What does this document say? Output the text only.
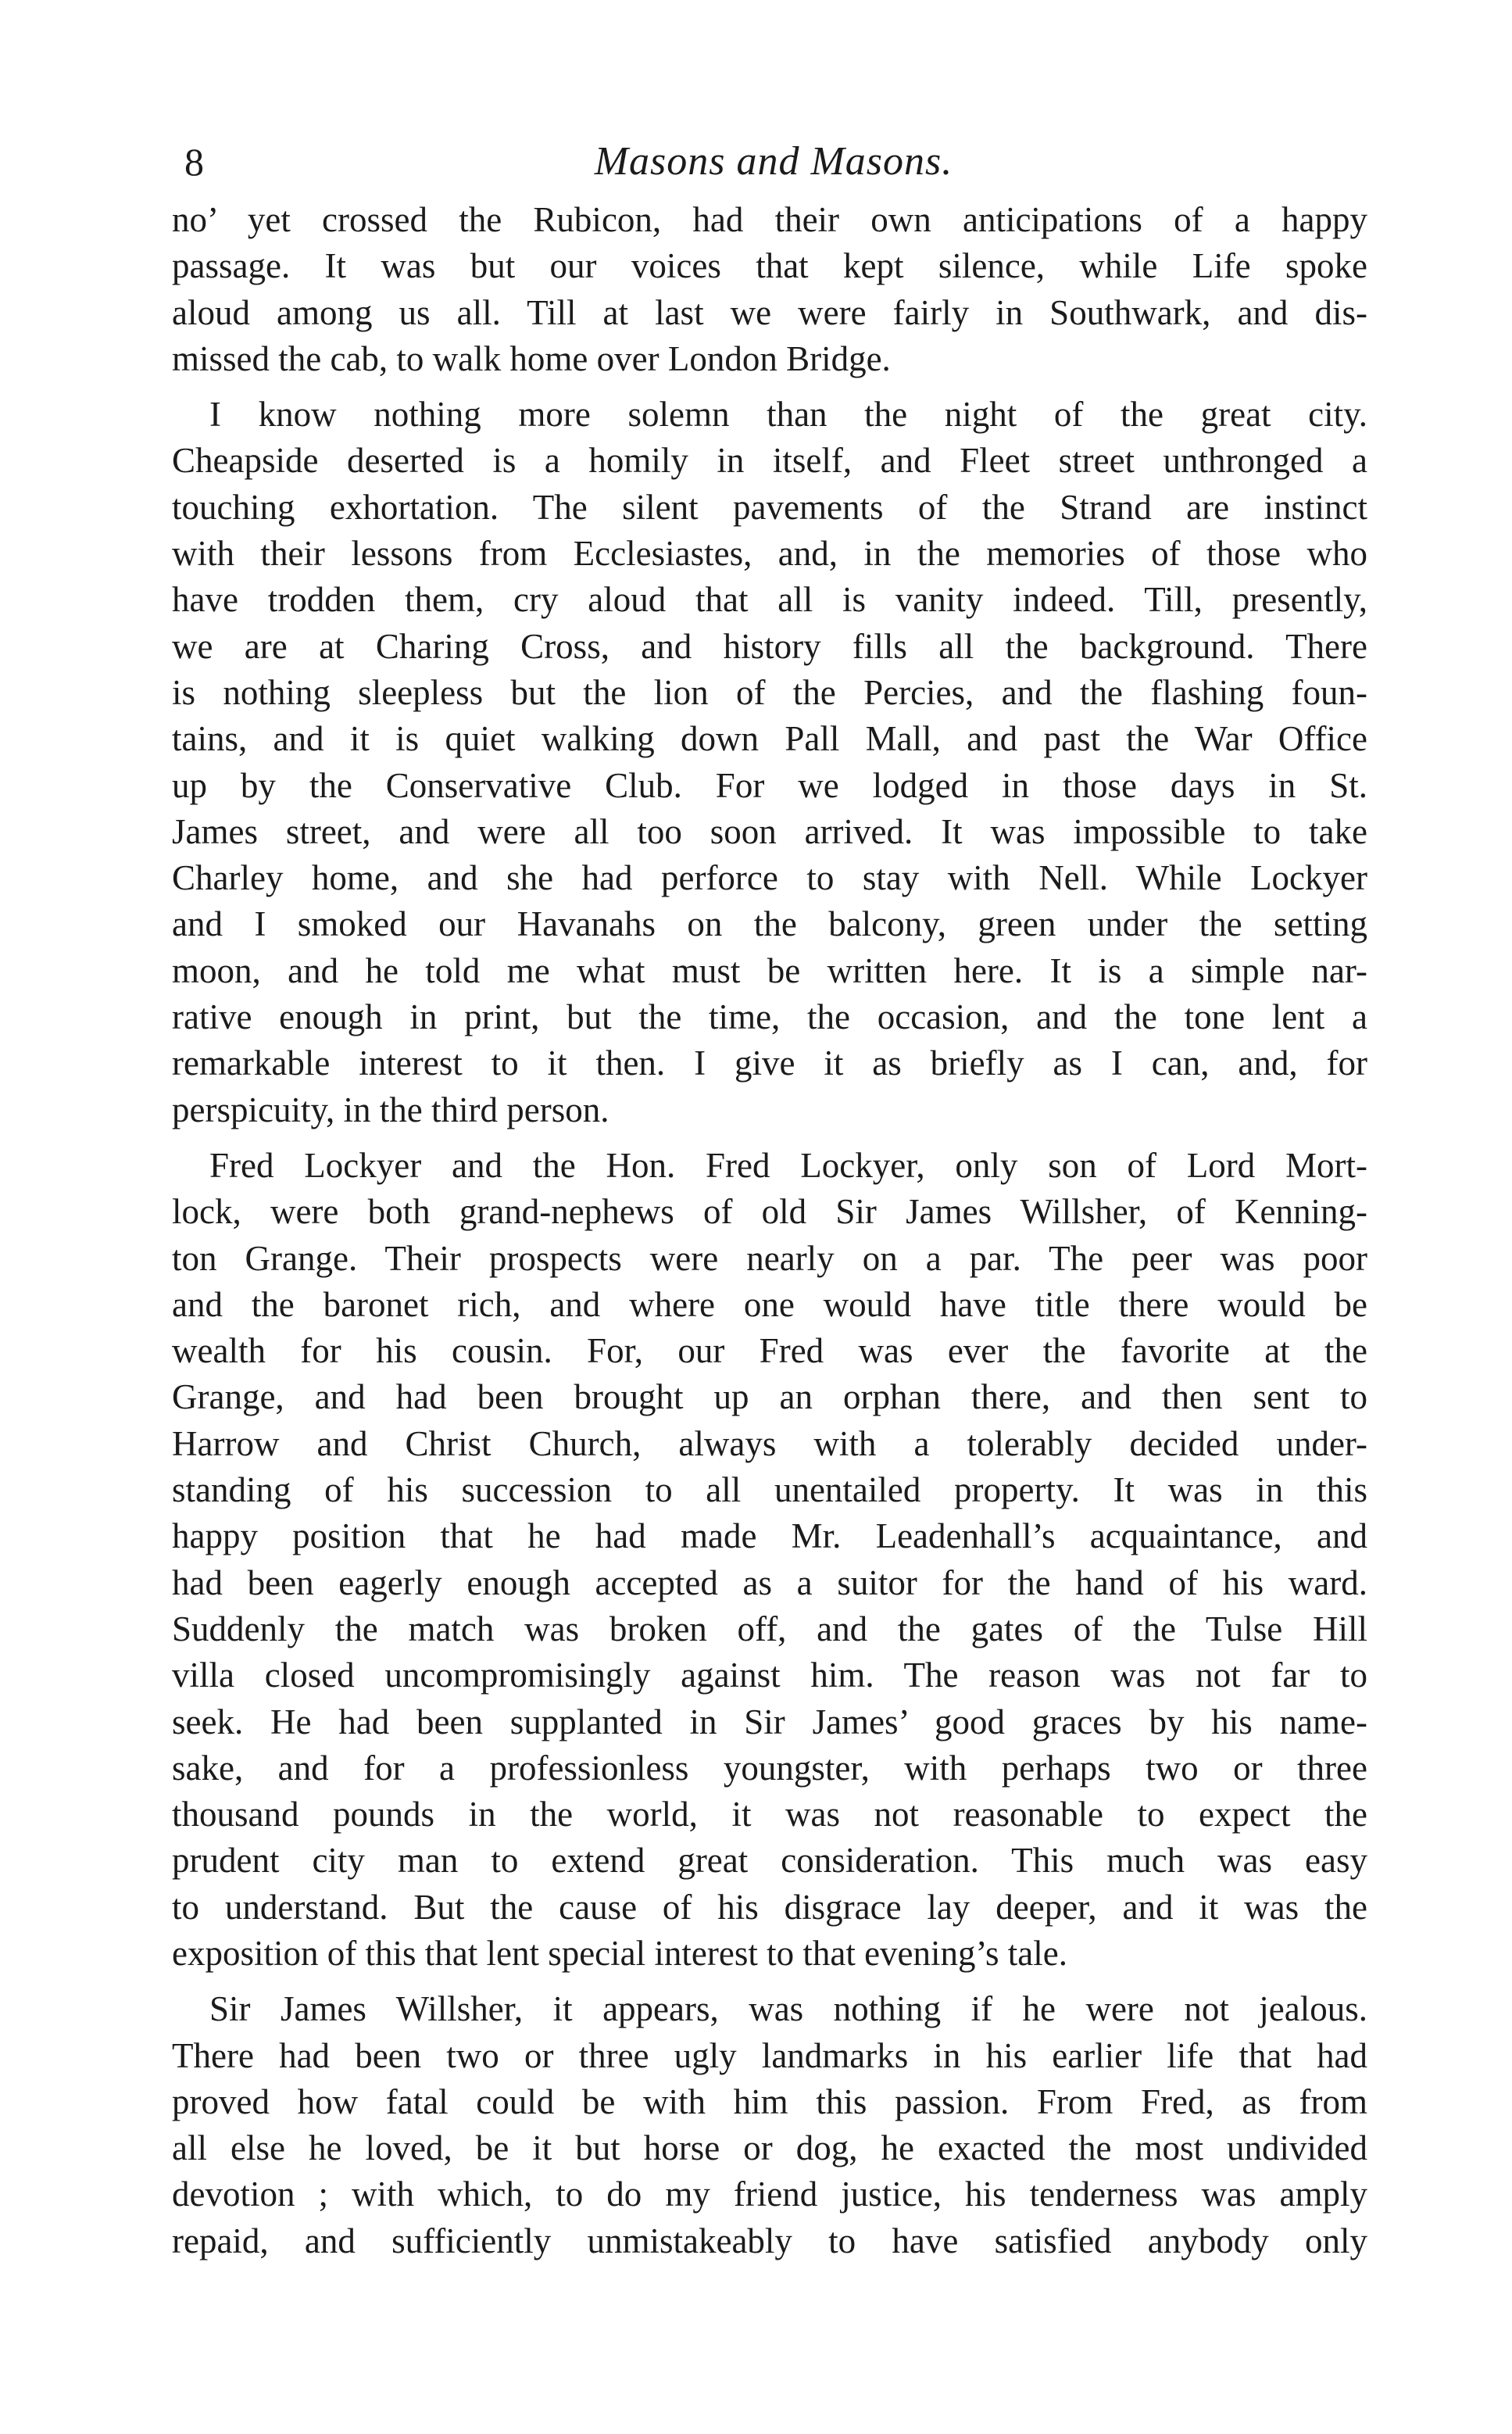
8	Masons and Masons.
no’ yet crossed the Rubicon, had their own anticipations of a happy
passage. It was but our voices that kept silence, while Life spoke
aloud among us all. Till at last we were fairly in Southwark, and dis-
missed the cab, to walk home over London Bridge.
I know nothing more solemn than the night of the great city.
Cheapside deserted is a homily in itself, and Fleet street unthronged a
touching exhortation. The silent pavements of the Strand are instinct
with their lessons from Ecclesiastes, and, in the memories of those who
have trodden them, cry aloud that all is vanity indeed. Till, presently,
we are at Charing Cross, and history fills all the background. There
is nothing sleepless but the lion of the Percies, and the flashing foun-
tains, and it is quiet walking down Pall Mall, and past the War Office
up by the Conservative Club. For we lodged in those days in St.
James street, and were all too soon arrived. It was impossible to take
Charley home, and she had perforce to stay with Nell. While Lockyer
and I smoked our Havanahs on the balcony, green under the setting
moon, and he told me what must be written here. It is a simple nar-
rative enough in print, but the time, the occasion, and the tone lent a
remarkable interest to it then. I give it as briefly as I can, and, for
perspicuity, in the third person.
Fred Lockyer and the Hon. Fred Lockyer, only son of Lord Mort-
lock, were both grand-nephews of old Sir James Willsher, of Kenning-
ton Grange. Their prospects were nearly on a par. The peer was poor
and the baronet rich, and where one would have title there would be
wealth for his cousin. For, our Fred was ever the favorite at the
Grange, and had been brought up an orphan there, and then sent to
Harrow and Christ Church, always with a tolerably decided under-
standing of his succession to all unentailed property. It was in this
happy position that he had made Mr. Leadenhall’s acquaintance, and
had been eagerly enough accepted as a suitor for the hand of his ward.
Suddenly the match was broken off, and the gates of the Tulse Hill
villa closed uncompromisingly against him. The reason was not far to
seek. He had been supplanted in Sir James’ good graces by his name-
sake, and for a professionless youngster, with perhaps two or three
thousand pounds in the world, it was not reasonable to expect the
prudent city man to extend great consideration. This much was easy
to understand. But the cause of his disgrace lay deeper, and it was the
exposition of this that lent special interest to that evening’s tale.
Sir James Willsher, it appears, was nothing if he were not jealous.
There had been two or three ugly landmarks in his earlier life that had
proved how fatal could be with him this passion. From Fred, as from
all else he loved, be it but horse or dog, he exacted the most undivided
devotion ; with which, to do my friend justice, his tenderness was amply
repaid, and sufficiently unmistakeably to have satisfied anybody only
